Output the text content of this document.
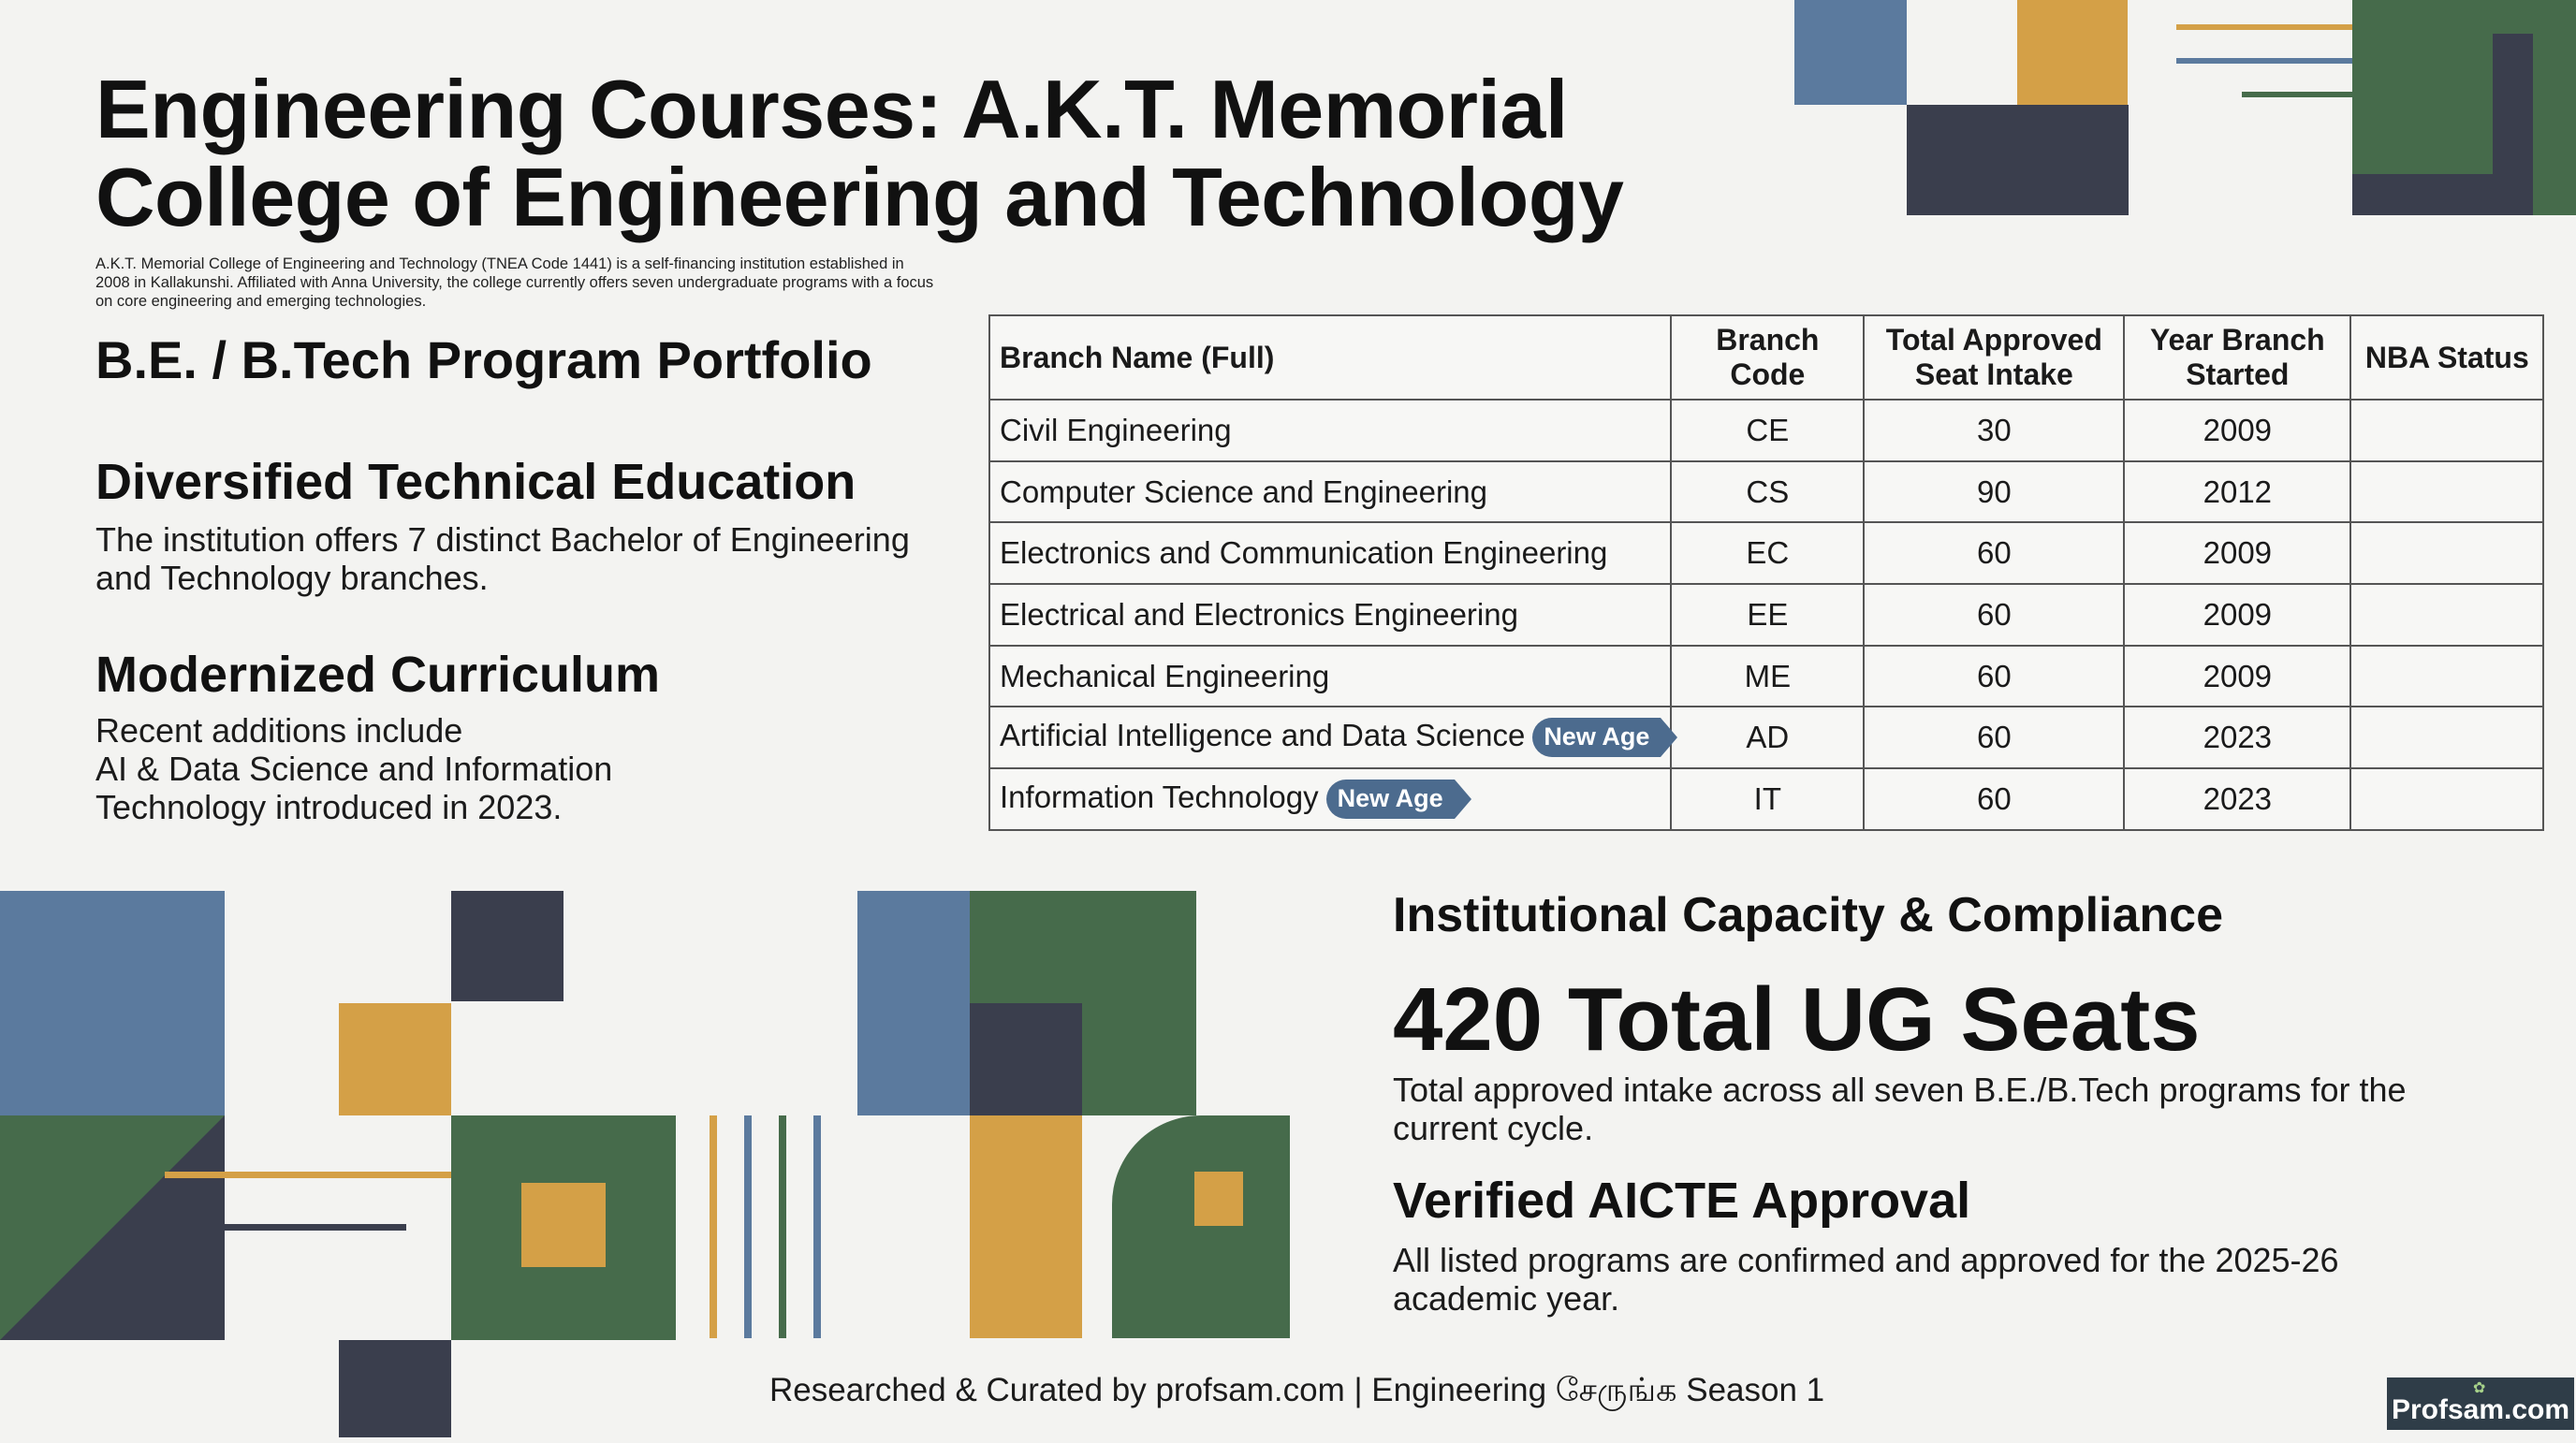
Engineering Courses: A.K.T. Memorial College of Engineering and Technology
A.K.T. Memorial College of Engineering and Technology (TNEA Code 1441) is a self-financing institution established in 2008 in Kallakunshi. Affiliated with Anna University, the college currently offers seven undergraduate programs with a focus on core engineering and emerging technologies.
B.E. / B.Tech Program Portfolio
Diversified Technical Education
The institution offers 7 distinct Bachelor of Engineering and Technology branches.
Modernized Curriculum
Recent additions include
AI & Data Science and Information
Technology introduced in 2023.
Branch Name (Full)	Branch Code	Total Approved Seat Intake	Year Branch Started	NBA Status
Civil Engineering	CE	30	2009	
Computer Science and Engineering	CS	90	2012	
Electronics and Communication Engineering	EC	60	2009	
Electrical and Electronics Engineering	EE	60	2009	
Mechanical Engineering	ME	60	2009	
Artificial Intelligence and Data Science New Age	AD	60	2023	
Information Technology New Age	IT	60	2023	
Institutional Capacity & Compliance
420 Total UG Seats
Total approved intake across all seven B.E./B.Tech programs for the current cycle.
Verified AICTE Approval
All listed programs are confirmed and approved for the 2025-26 academic year.
Researched & Curated by profsam.com | Engineering சேருங்க Season 1	✿
Profsam.com
